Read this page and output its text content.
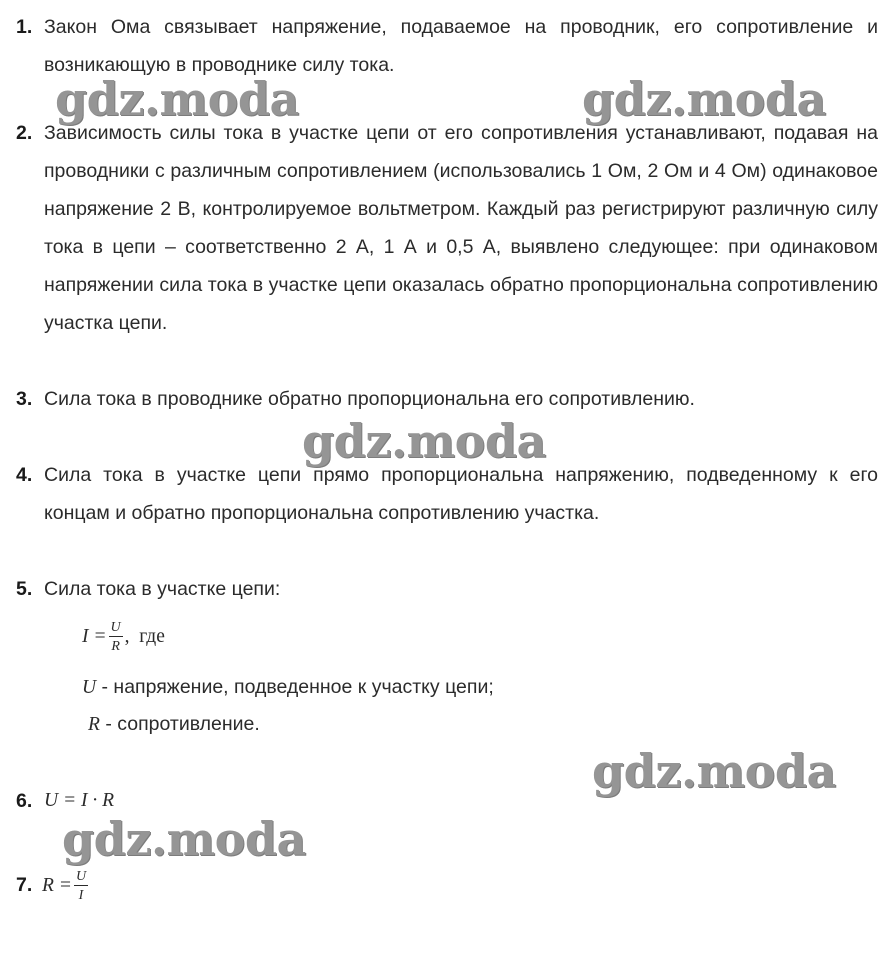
1. Закон Ома связывает напряжение, подаваемое на проводник, его сопротивление и возникающую в проводнике силу тока.
2. Зависимость силы тока в участке цепи от его сопротивления устанавливают, подавая на проводники с различным сопротивлением (использовались 1 Ом, 2 Ом и 4 Ом) одинаковое напряжение 2 В, контролируемое вольтметром. Каждый раз регистрируют различную силу тока в цепи – соответственно 2 А, 1 А и 0,5 А, выявлено следующее: при одинаковом напряжении сила тока в участке цепи оказалась обратно пропорциональна сопротивлению участка цепи.
3. Сила тока в проводнике обратно пропорциональна его сопротивлению.
4. Сила тока в участке цепи прямо пропорциональна напряжению, подведенному к его концам и обратно пропорциональна сопротивлению участка.
5. Сила тока в участке цепи:
$I = \frac{U}{R}$ ,  где
U - напряжение, подведенное к участку цепи;
R - сопротивление.
6. U = I · R
7. $R = \frac{U}{I}$
gdz.moda	gdz.moda
gdz.moda
gdz.moda
gdz.moda
